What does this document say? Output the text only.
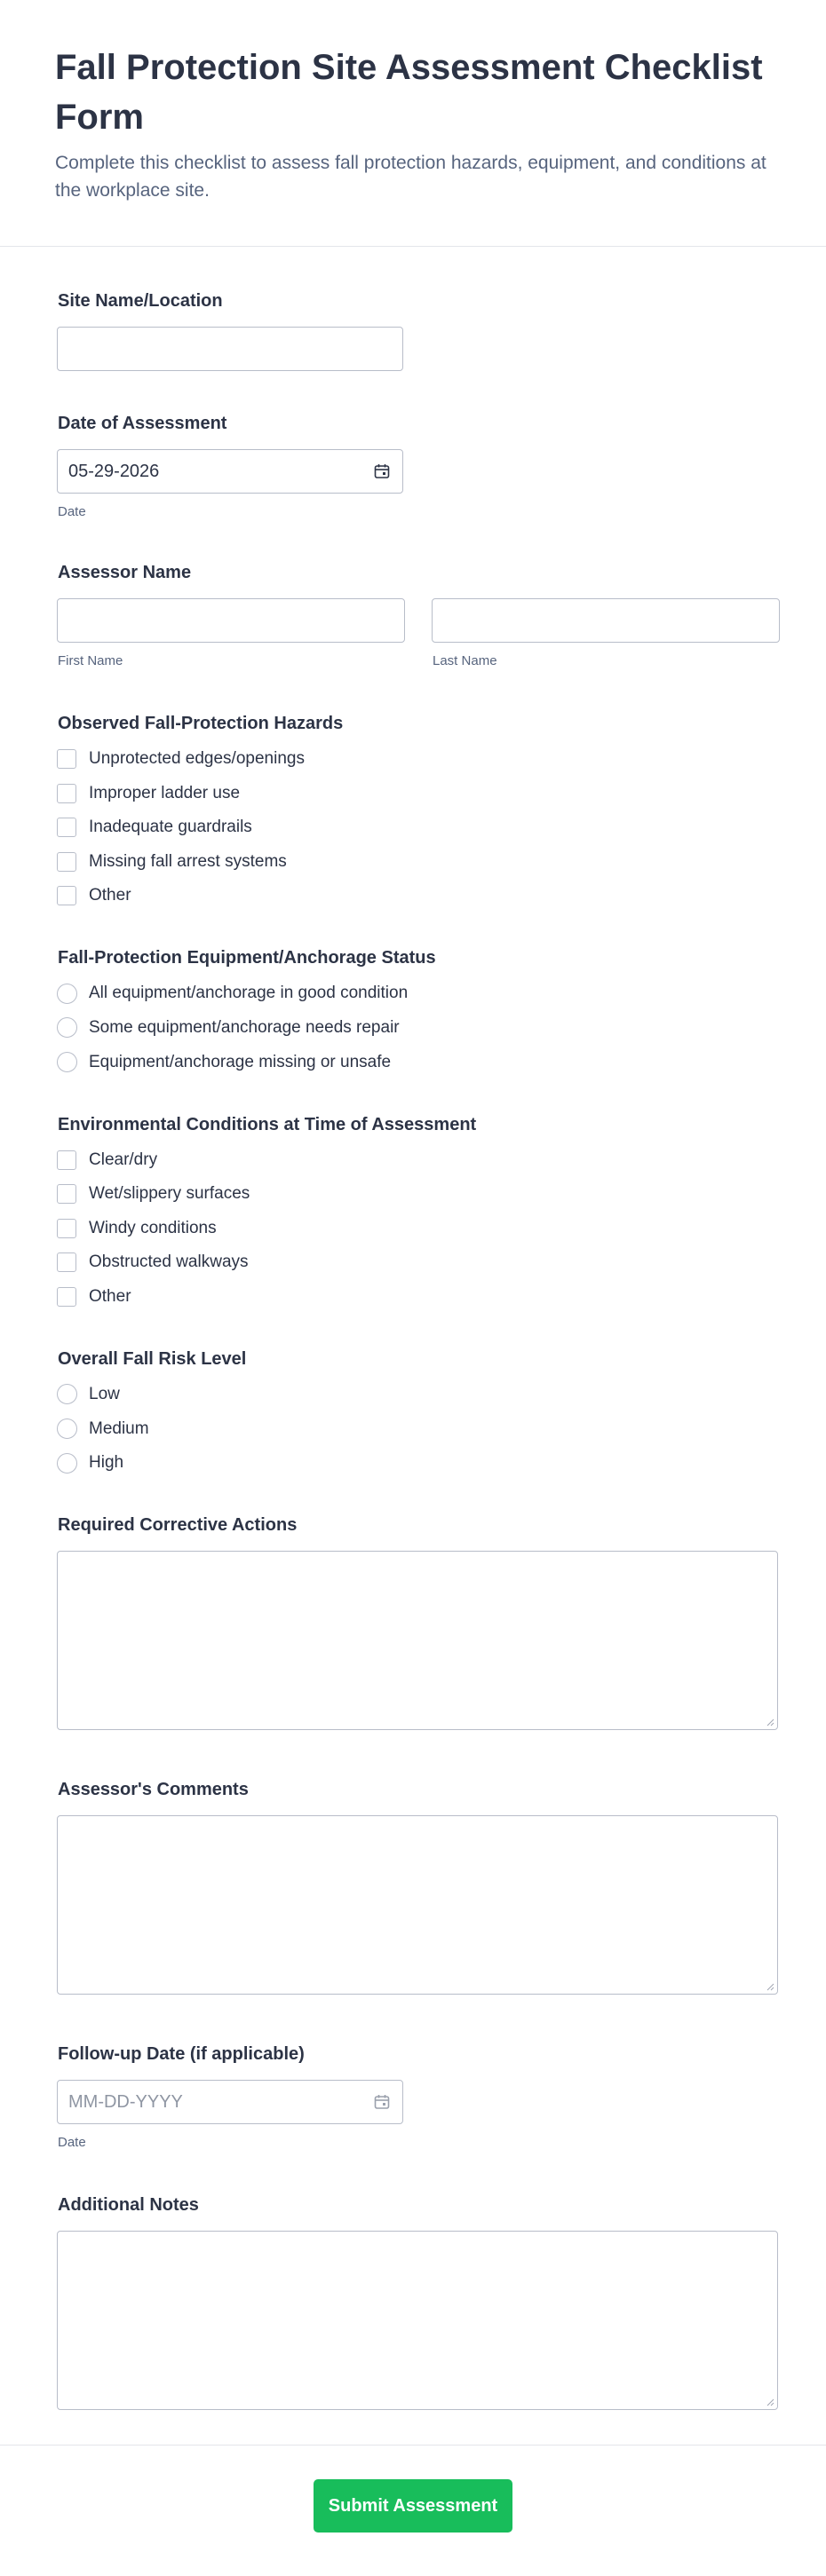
Fall Protection Site Assessment Checklist Form

Complete this checklist to assess fall protection hazards, equipment, and conditions at the workplace site.

Site Name/Location
Date of Assessment
05-29-2026
Date
Assessor Name
First Name	Last Name
Observed Fall-Protection Hazards
Unprotected edges/openings
Improper ladder use
Inadequate guardrails
Missing fall arrest systems
Other
Fall-Protection Equipment/Anchorage Status
All equipment/anchorage in good condition
Some equipment/anchorage needs repair
Equipment/anchorage missing or unsafe
Environmental Conditions at Time of Assessment
Clear/dry
Wet/slippery surfaces
Windy conditions
Obstructed walkways
Other
Overall Fall Risk Level
Low
Medium
High
Required Corrective Actions
Assessor's Comments
Follow-up Date (if applicable)
MM-DD-YYYY
Date
Additional Notes
Submit Assessment
